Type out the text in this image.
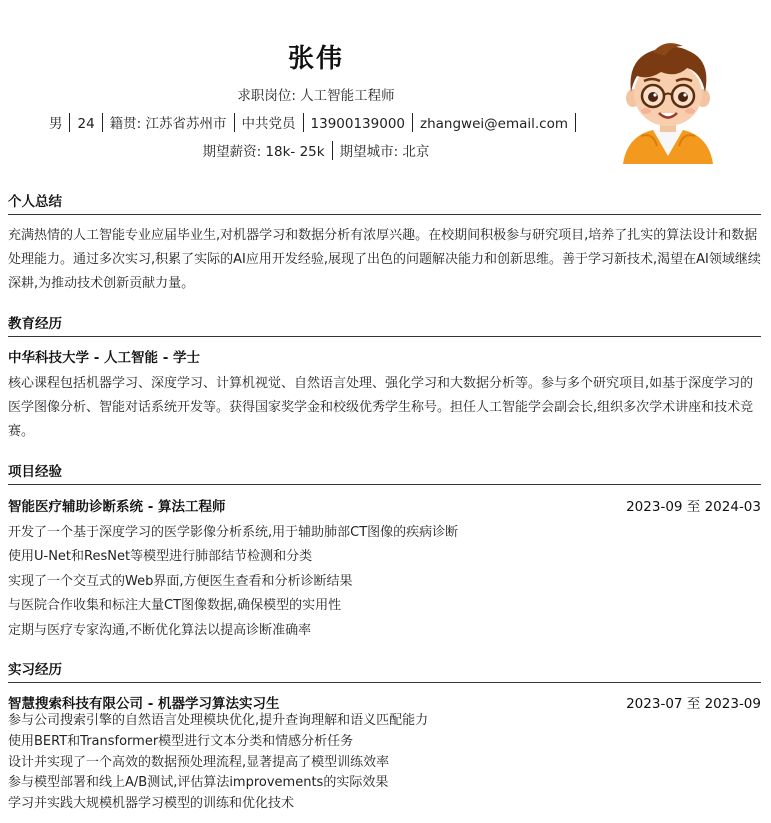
张伟
求职岗位: 人工智能工程师
男 24 籍贯: 江苏省苏州市 中共党员 13900139000 zhangwei@email.com
期望薪资: 18k- 25k 期望城市: 北京
个人总结
充满热情的人工智能专业应届毕业生,对机器学习和数据分析有浓厚兴趣。在校期间积极参与研究项目,培养了扎实的算法设计和数据处理能力。通过多次实习,积累了实际的AI应用开发经验,展现了出色的问题解决能力和创新思维。善于学习新技术,渴望在AI领域继续深耕,为推动技术创新贡献力量。
教育经历
中华科技大学 - 人工智能 - 学士
核心课程包括机器学习、深度学习、计算机视觉、自然语言处理、强化学习和大数据分析等。参与多个研究项目,如基于深度学习的医学图像分析、智能对话系统开发等。获得国家奖学金和校级优秀学生称号。担任人工智能学会副会长,组织多次学术讲座和技术竞赛。
项目经验
智能医疗辅助诊断系统 - 算法工程师	2023-09 至 2024-03
开发了一个基于深度学习的医学影像分析系统,用于辅助肺部CT图像的疾病诊断
使用U-Net和ResNet等模型进行肺部结节检测和分类
实现了一个交互式的Web界面,方便医生查看和分析诊断结果
与医院合作收集和标注大量CT图像数据,确保模型的实用性
定期与医疗专家沟通,不断优化算法以提高诊断准确率
实习经历
智慧搜索科技有限公司 - 机器学习算法实习生	2023-07 至 2023-09
参与公司搜索引擎的自然语言处理模块优化,提升查询理解和语义匹配能力
使用BERT和Transformer模型进行文本分类和情感分析任务
设计并实现了一个高效的数据预处理流程,显著提高了模型训练效率
参与模型部署和线上A/B测试,评估算法improvements的实际效果
学习并实践大规模机器学习模型的训练和优化技术
